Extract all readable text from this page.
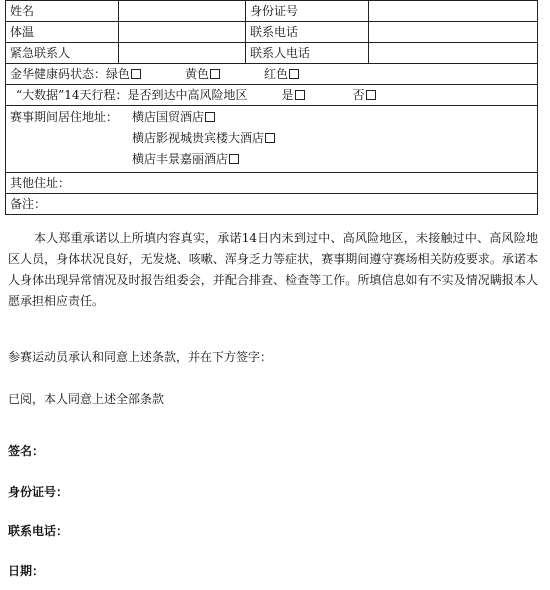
姓名		身份证号	
体温		联系电话	
紧急联系人		联系人电话	
金华健康码状态：绿色 黄色 红色			
“大数据”14天行程：是否到达中高风险地区 是 否			
赛事期间居住地址： 横店国贸酒店
横店影视城贵宾楼大酒店
横店丰景嘉丽酒店			

其他住址：			
备注：			

本人郑重承诺以上所填内容真实，承诺14日内未到过中、高风险地区，未接触过中、高风险地区人员，身体状况良好，无发烧、咳嗽、浑身乏力等症状，赛事期间遵守赛场相关防疫要求。承诺本人身体出现异常情况及时报告组委会，并配合排查、检查等工作。所填信息如有不实及情况瞒报本人愿承担相应责任。

参赛运动员承认和同意上述条款，并在下方签字：
已阅，本人同意上述全部条款
签名：
身份证号：
联系电话：
日期：
